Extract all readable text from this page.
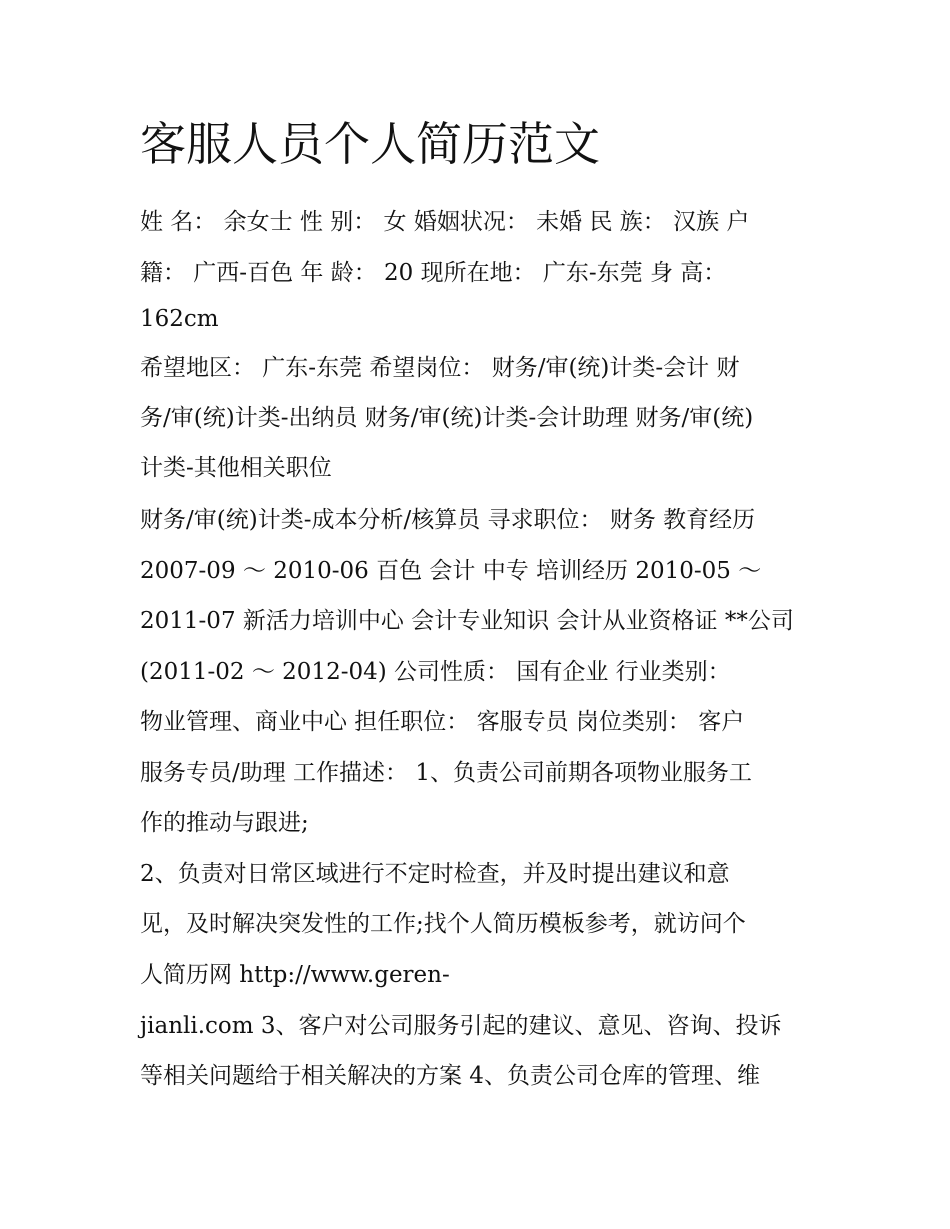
客服人员个人简历范文

姓 名： 余女士 性 别： 女 婚姻状况： 未婚 民 族： 汉族 户

籍： 广西-百色 年 龄： 20 现所在地： 广东-东莞 身 高：

162cm

希望地区： 广东-东莞 希望岗位： 财务/审(统)计类-会计 财

务/审(统)计类-出纳员 财务/审(统)计类-会计助理 财务/审(统)

计类-其他相关职位

财务/审(统)计类-成本分析/核算员 寻求职位： 财务 教育经历

2007-09 ～ 2010-06 百色 会计 中专 培训经历 2010-05 ～

2011-07 新活力培训中心 会计专业知识 会计从业资格证 **公司

(2011-02 ～ 2012-04) 公司性质： 国有企业 行业类别：

物业管理、商业中心 担任职位： 客服专员 岗位类别： 客户

服务专员/助理 工作描述： 1、负责公司前期各项物业服务工

作的推动与跟进;

2、负责对日常区域进行不定时检查，并及时提出建议和意

见，及时解决突发性的工作;找个人简历模板参考，就访问个

人简历网 http://www.geren-

jianli.com 3、客户对公司服务引起的建议、意见、咨询、投诉

等相关问题给于相关解决的方案 4、负责公司仓库的管理、维
